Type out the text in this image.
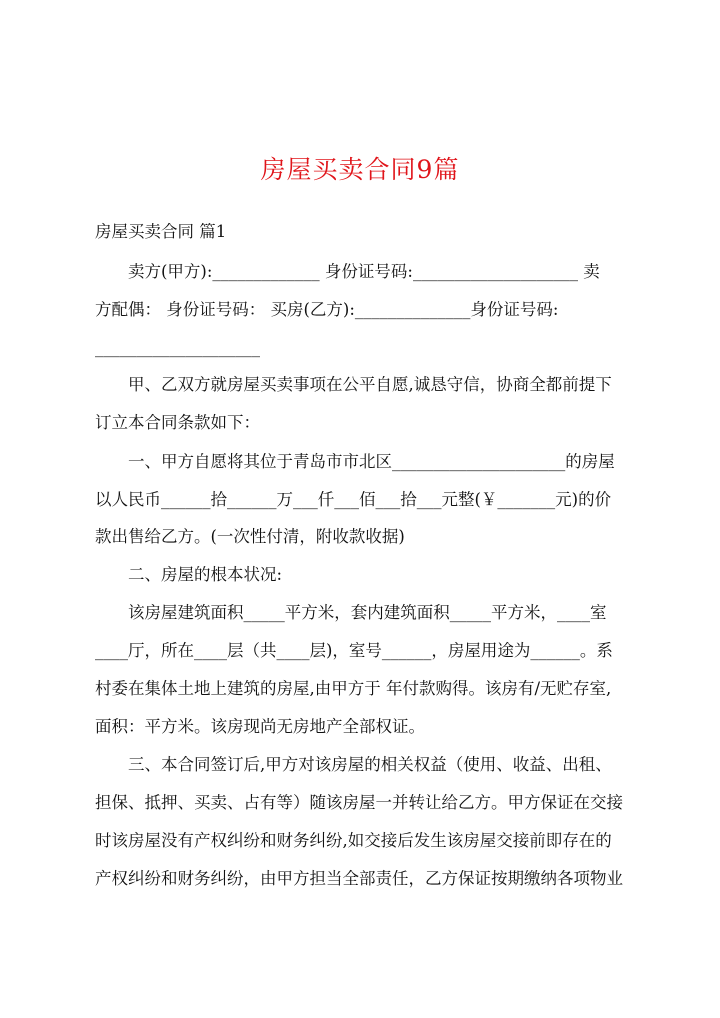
房屋买卖合同9篇
房屋买卖合同 篇1
卖方(甲方):_____________ 身份证号码:____________________ 卖
方配偶： 身份证号码： 买房(乙方):______________身份证号码:
____________________
甲、乙双方就房屋买卖事项在公平自愿,诚恳守信，协商全都前提下
订立本合同条款如下：
一、甲方自愿将其位于青岛市市北区_____________________的房屋
以人民币______拾______万___仟___佰___拾___元整(￥_______元)的价
款出售给乙方。(一次性付清，附收款收据)
二、房屋的根本状况:
该房屋建筑面积_____平方米，套内建筑面积_____平方米，____室
____厅，所在____层（共____层)，室号______，房屋用途为______。系
村委在集体土地上建筑的房屋,由甲方于 年付款购得。该房有/无贮存室,
面积：平方米。该房现尚无房地产全部权证。
三、本合同签订后,甲方对该房屋的相关权益（使用、收益、出租、
担保、抵押、买卖、占有等）随该房屋一并转让给乙方。甲方保证在交接
时该房屋没有产权纠纷和财务纠纷,如交接后发生该房屋交接前即存在的
产权纠纷和财务纠纷，由甲方担当全部责任，乙方保证按期缴纳各项物业
